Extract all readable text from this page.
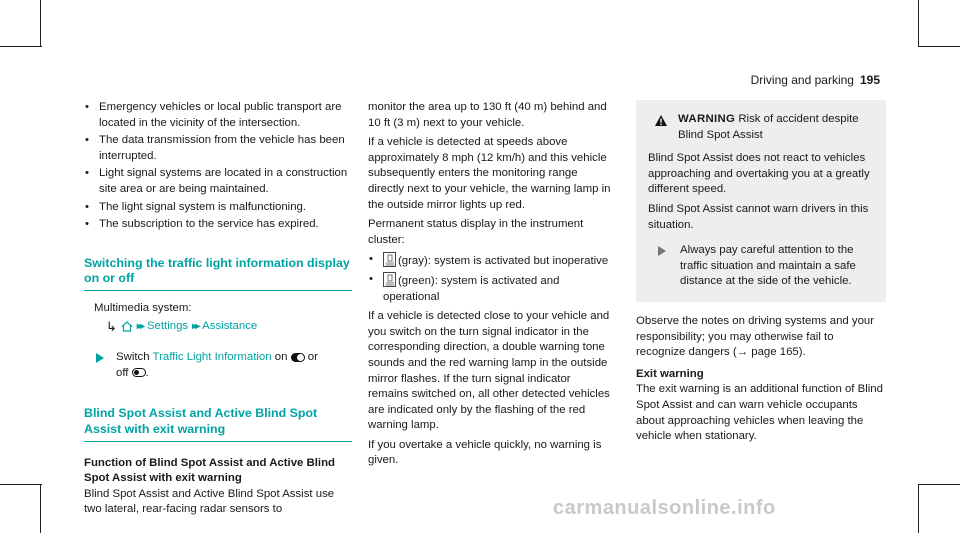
Driving and parking 195
• Emergency vehicles or local public transport are located in the vicinity of the intersection.
• The data transmission from the vehicle has been interrupted.
• Light signal systems are located in a construction site area or are being maintained.
• The light signal system is malfunctioning.
• The subscription to the service has expired.
Switching the traffic light information display on or off
Multimedia system:
↳ ▸▸ Settings ▸▸ Assistance
Switch Traffic Light Information on or
off .
Blind Spot Assist and Active Blind Spot Assist with exit warning
Function of Blind Spot Assist and Active Blind Spot Assist with exit warning

Blind Spot Assist and Active Blind Spot Assist use two lateral, rear-facing radar sensors to

monitor the area up to 130 ft (40 m) behind and 10 ft (3 m) next to your vehicle.

If a vehicle is detected at speeds above approximately 8 mph (12 km/h) and this vehicle subsequently enters the monitoring range directly next to your vehicle, the warning lamp in the outside mirror lights up red.

Permanent status display in the instrument cluster:

• (gray): system is activated but inoperative
• (green): system is activated and operational

If a vehicle is detected close to your vehicle and you switch on the turn signal indicator in the corresponding direction, a double warning tone sounds and the red warning lamp in the outside mirror flashes. If the turn signal indicator remains switched on, all other detected vehicles are indicated only by the flashing of the red warning lamp.

If you overtake a vehicle quickly, no warning is given.

WARNING Risk of accident despite Blind Spot Assist

Blind Spot Assist does not react to vehicles approaching and overtaking you at a greatly different speed.

Blind Spot Assist cannot warn drivers in this situation.

Always pay careful attention to the traffic situation and maintain a safe distance at the side of the vehicle.

Observe the notes on driving systems and your responsibility; you may otherwise fail to recognize dangers (→ page 165).

Exit warning

The exit warning is an additional function of Blind Spot Assist and can warn vehicle occupants about approaching vehicles when leaving the vehicle when stationary.

carmanualsonline.info
